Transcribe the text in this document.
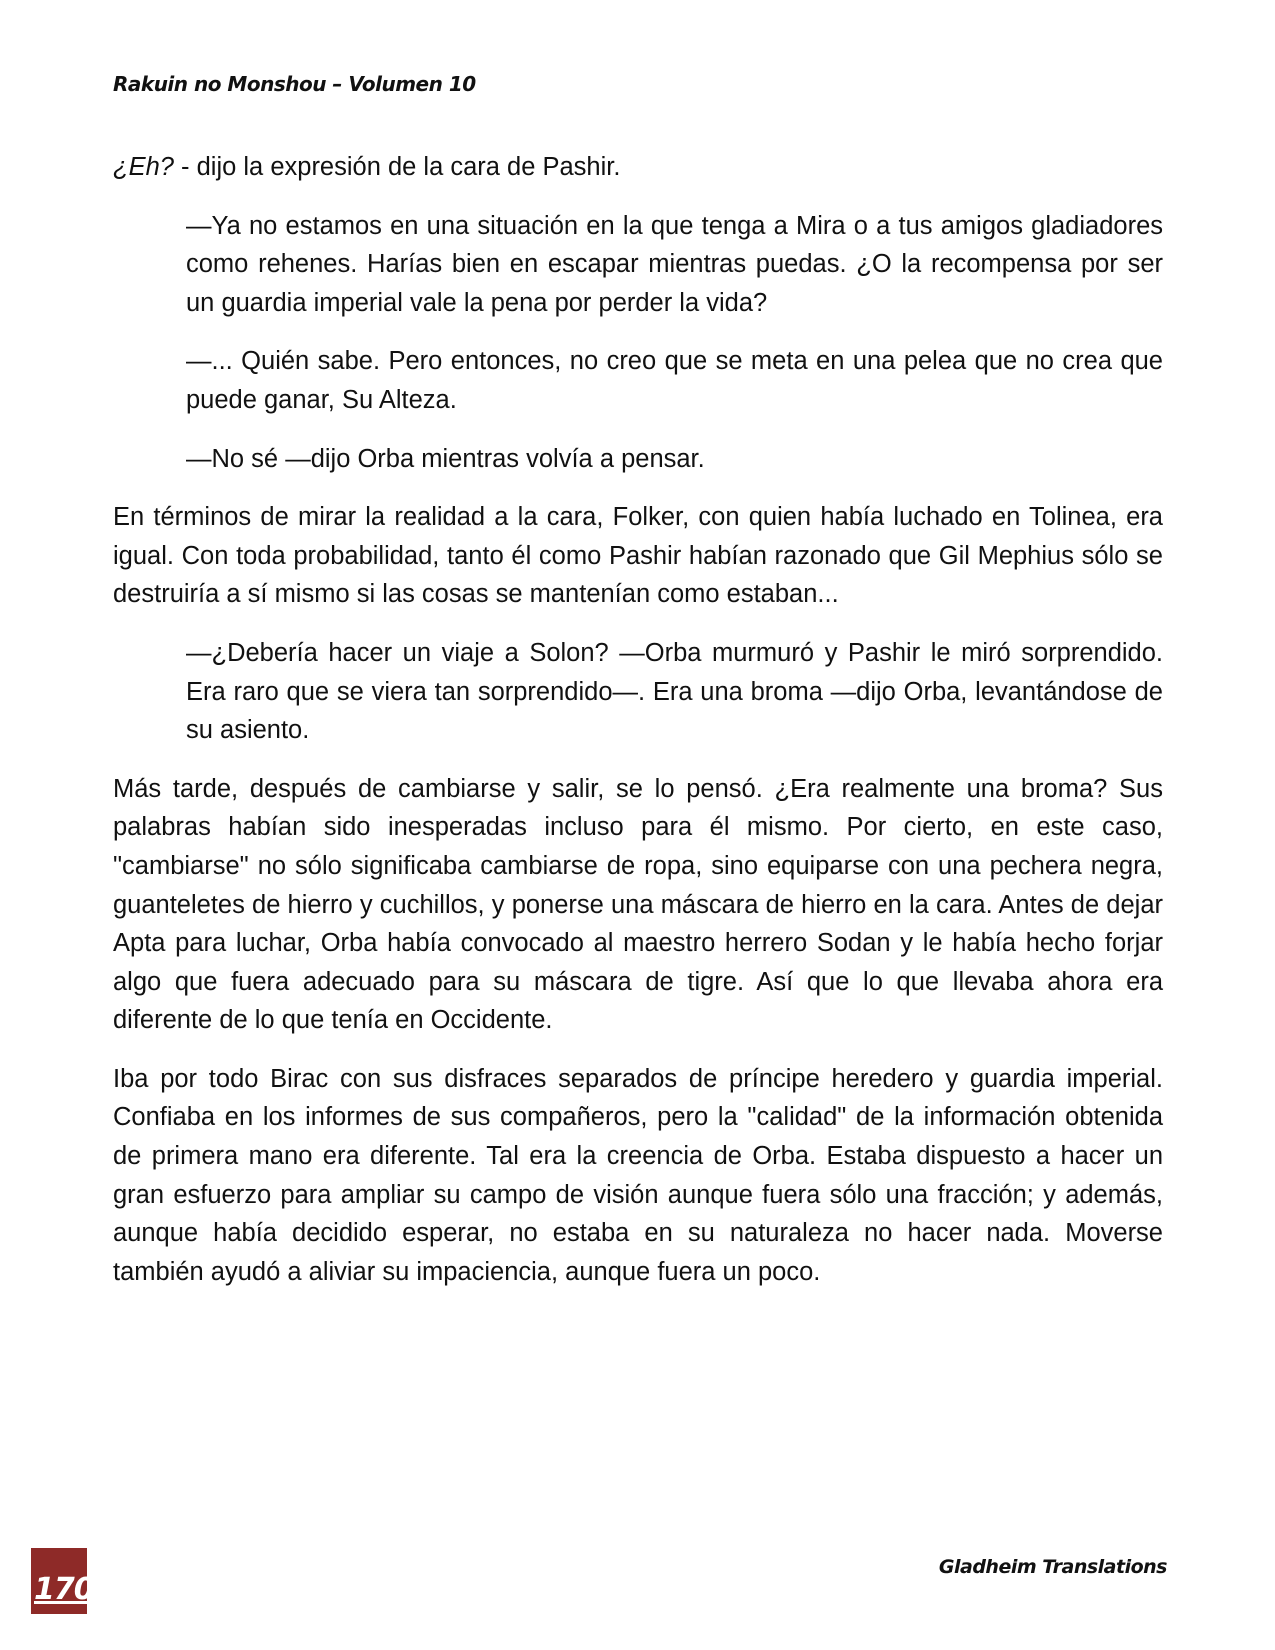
Rakuin no Monshou – Volumen 10

¿Eh? - dijo la expresión de la cara de Pashir.

—Ya no estamos en una situación en la que tenga a Mira o a tus amigos gladiadores como rehenes. Harías bien en escapar mientras puedas. ¿O la recompensa por ser un guardia imperial vale la pena por perder la vida?

—... Quién sabe. Pero entonces, no creo que se meta en una pelea que no crea que puede ganar, Su Alteza.

—No sé —dijo Orba mientras volvía a pensar.

En términos de mirar la realidad a la cara, Folker, con quien había luchado en Tolinea, era igual. Con toda probabilidad, tanto él como Pashir habían razonado que Gil Mephius sólo se destruiría a sí mismo si las cosas se mantenían como estaban...

—¿Debería hacer un viaje a Solon? —Orba murmuró y Pashir le miró sorprendido. Era raro que se viera tan sorprendido—. Era una broma —dijo Orba, levantándose de su asiento.

Más tarde, después de cambiarse y salir, se lo pensó. ¿Era realmente una broma? Sus palabras habían sido inesperadas incluso para él mismo. Por cierto, en este caso, "cambiarse" no sólo significaba cambiarse de ropa, sino equiparse con una pechera negra, guanteletes de hierro y cuchillos, y ponerse una máscara de hierro en la cara. Antes de dejar Apta para luchar, Orba había convocado al maestro herrero Sodan y le había hecho forjar algo que fuera adecuado para su máscara de tigre. Así que lo que llevaba ahora era diferente de lo que tenía en Occidente.

Iba por todo Birac con sus disfraces separados de príncipe heredero y guardia imperial. Confiaba en los informes de sus compañeros, pero la "calidad" de la información obtenida de primera mano era diferente. Tal era la creencia de Orba. Estaba dispuesto a hacer un gran esfuerzo para ampliar su campo de visión aunque fuera sólo una fracción; y además, aunque había decidido esperar, no estaba en su naturaleza no hacer nada. Moverse también ayudó a aliviar su impaciencia, aunque fuera un poco.

170
Gladheim Translations
